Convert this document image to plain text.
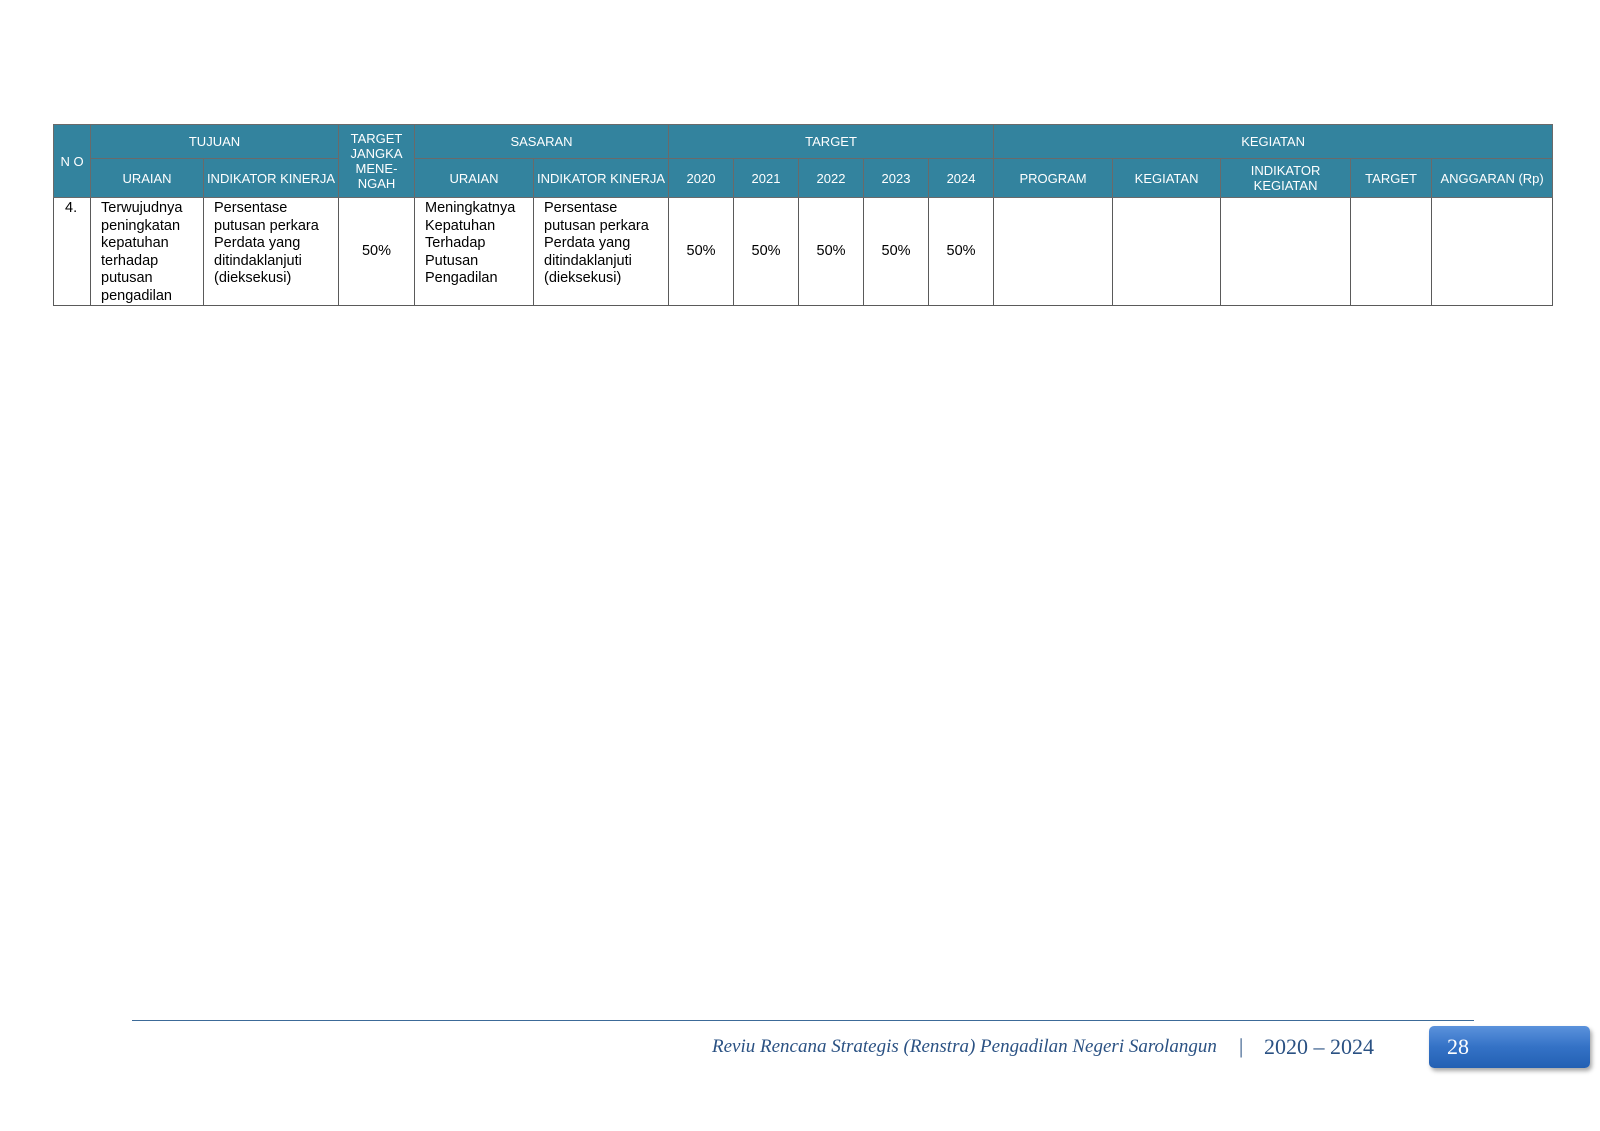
N O	TUJUAN		TARGET JANGKA MENE- NGAH	SASARAN		TARGET					KEGIATAN				
	URAIAN	INDIKATOR KINERJA		URAIAN	INDIKATOR KINERJA	2020	2021	2022	2023	2024	PROGRAM	KEGIATAN	INDIKATOR KEGIATAN	TARGET	ANGGARAN (Rp)
4.	Terwujudnya peningkatan kepatuhan terhadap putusan pengadilan	Persentase putusan perkara Perdata yang ditindaklanjuti (dieksekusi)	50%	Meningkatnya Kepatuhan Terhadap Putusan Pengadilan	Persentase putusan perkara Perdata yang ditindaklanjuti (dieksekusi)	50%	50%	50%	50%	50%					
Reviu Rencana Strategis (Renstra) Pengadilan Negeri Sarolangun | 2020 – 2024	28
